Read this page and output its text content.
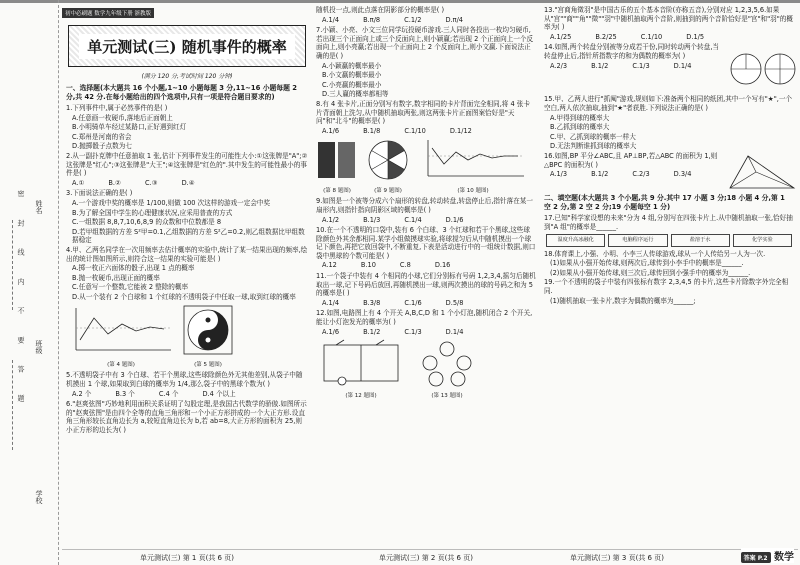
姓名
班级
学校
密 封 线 内 不 要 答 题
初中必刷题 数学九年级下册 浙教版
单元测试(三) 随机事件的概率
(满分 120 分,考试时间 120 分钟)
一、选择题(本大题共 16 个小题,1~10 小题每题 3 分,11~16 小题每题 2 分,共 42 分.在每小题给出的四个选项中,只有一项是符合题目要求的)
1.下列事件中,属于必然事件的是( )
A.任意画一枚硬币,落地后正面朝上
B.小明骑单车经过某路口,正好遇到红灯
C.郑州是河南的省会
D.抛掷骰子点数为七
2.从一副扑克牌中任意抽取 1 张,估计下列事件发生的可能性大小:①这张牌是"A";②这张牌是"红心";③这张牌是"大王";④这张牌是"红色的".其中发生的可能性最小的事件是( )
A.①	B.②	C.③	D.④
3.下面说法正确的是( )
A.一个游戏中奖的概率是 1/100,则做 100 次这样的游戏一定会中奖
B.为了解全国中学生的心理健康状况,应采用普查的方式
C.一组数据 8,8,7,10,6,8,9 的众数和中位数都是 8
D.若甲组数据的方差 S²甲=0.1,乙组数据的方差 S²乙=0.2,则乙组数据比甲组数据稳定
4.甲、乙两名同学在一次用频率去估计概率的实验中,统计了某一结果出现的频率,绘出的统计图如图所示,则符合这一结果的实验可能是( )
A.掷一枚正六面体的骰子,出现 1 点的概率
B.抛一枚硬币,出现正面的概率
C.任意写一个整数,它能被 2 整除的概率
D.从一个装有 2 个白球和 1 个红球的不透明袋子中任取一球,取到红球的概率
(第 4 题图)	(第 5 题图)
5.不透明袋子中有 3 个白球、若干个黑球,这些球除颜色外无其他差别,从袋子中随机摸出 1 个球,如果取到白球的概率为 1/4,那么袋子中的黑球个数为( )
A.2 个	B.3 个	C.4 个	D.4 个以上
6."赵爽弦图"巧妙地利用面积关系证明了勾股定理,是我国古代数学的骄傲.如图所示的"赵爽弦图"是由四个全等的直角三角形和一个小正方形拼成的一个大正方形.设直角三角形较长直角边长为 a,较短直角边长为 b,若 ab=8,大正方形的面积为 25,则小正方形的边长为( )
单元测试(三) 第 1 页(共 6 页)
随机投一点,则此点落在阴影部分的概率是( )
A.1/4	B.π/8	C.1/2	D.π/4
7.小颖、小亮、小文三位同学玩投硬币游戏.三人同时各投出一枚均匀硬币,若出现三个正面向上或三个反面向上,则小颖赢;若出现 2 个正面向上一个反面向上,则小亮赢;若出现一个正面向上 2 个反面向上,则小文赢.下面说法正确的是( )
A.小颖赢的概率最小
B.小文赢的概率最小
C.小亮赢的概率最小
D.三人赢的概率都相等
8.有 4 张卡片,正面分别写有数字,数字相同的卡片背面完全相同,将 4 张卡片背面朝上洗匀,从中随机抽取两张,则这两张卡片正面图案恰好是"天问"和"北斗"的概率是( )
A.1/6	B.1/8	C.1/10	D.1/12
(第 8 题图)	(第 9 题图)	(第 10 题图)
9.如图是一个被等分成六个扇形的转盘,转动转盘,转盘停止后,指针落在某一扇形内,则指针指向阴影区域的概率是( )
A.1/2	B.1/3	C.1/4	D.1/6
10.在一个不透明的口袋中,装有 6 个白球、3 个红球和若干个黑球,这些球除颜色外其余都相同.某学小组做摸球实验,将球搅匀后从中随机摸出一个球记下颜色,再把它放回袋中,不断重复,下表是活动进行中的一组统计数据,则口袋中黑球的个数可能是( )
A.12	B.10	C.8	D.16
11.一个袋子中装有 4 个相同的小球,它们分别标有号码 1,2,3,4,摇匀后随机取出一球,记下号码后放回,再随机摸出一球,则两次摸出的球的号码之和为 5 的概率是( )
A.1/4	B.3/8	C.1/6	D.5/8
12.如图,电路图上有 4 个开关 A,B,C,D 和 1 个小灯泡,随机闭合 2 个开关,能让小灯泡发光的概率为( )
A.1/6	B.1/2	C.1/3	D.1/4
(第 12 题图)	(第 13 题图)
单元测试(三) 第 2 页(共 6 页)
13."宫商角徵羽"是中国古乐的五个基本音阶(亦称五音),分别对应 1,2,3,5,6.如果从"宫""商""角""徵""羽"中随机抽取两个音阶,则抽到的两个音阶恰好是"宫"和"羽"的概率为( )
A.1/25	B.2/25	C.1/10	D.1/5
14.如图,两个转盘分别被等分成若干份,同时转动两个转盘,当转盘停止后,指针所指数字的和为偶数的概率为( )
A.2/3	B.1/2	C.1/3	D.1/4
15.甲、乙两人进行"抓阄"游戏,规则如下:准备两个相同的纸团,其中一个写有"★",一个空白,两人依次抽取,抽到"★"者获胜.下列说法正确的是( )
A.甲得到球的概率大
B.乙抓到球的概率大
C.甲、乙抓到球的概率一样大
D.无法判断谁抓到球的概率大
16.如图,BP 平分∠ABC,且 AP⊥BP,若△ABC 的面积为 1,则△BPC 的面积为( )
A.1/3	B.1/2	C.2/3	D.3/4
二、填空题(本大题共 3 个小题,共 9 分.其中 17 小题 3 分;18 小题 4 分,第 1 空 2 分,第 2 空 2 分;19 小题每空 1 分)
17.已知"科学家设想的未来"分为 4 组,分别写在四张卡片上.从中随机抽取一张,恰好抽到"A 组"的概率是______.
温度升高冰融化	电脑程序运行	盐溶于水	化学实验
18.体育课上,小强、小明、小李三人传球游戏,球从一个人传给另一人为一次.
(1)如果从小强开始传球,则两次后,球传到小李手中的概率是______.
(2)如果从小强开始传球,则三次后,球传回到小强手中的概率为______.
19.一个不透明的袋子中装有四张标有数字 2,3,4,5 的卡片,这些卡片除数字外完全相同.
(1)随机抽取一张卡片,数字为偶数的概率为______;
单元测试(三) 第 3 页(共 6 页)	答案 P.2 数学
